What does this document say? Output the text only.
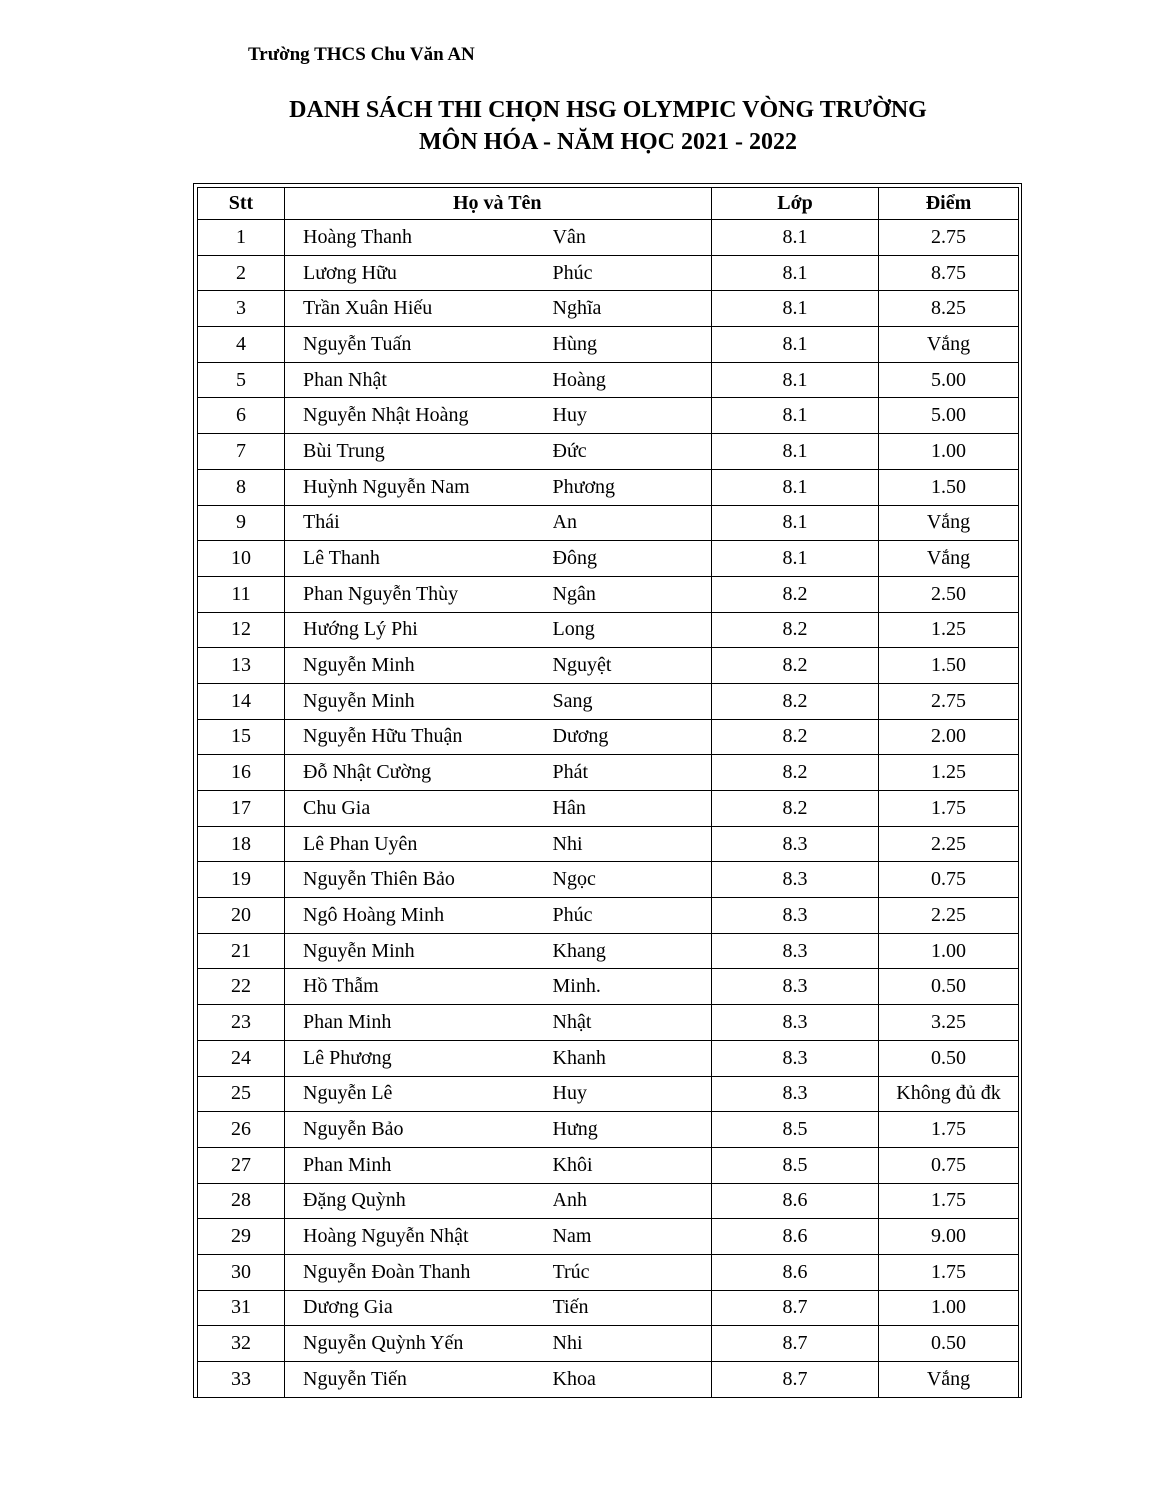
Trường THCS Chu Văn AN
DANH SÁCH THI CHỌN HSG OLYMPIC VÒNG TRƯỜNG
MÔN HÓA - NĂM HỌC 2021 - 2022
Stt	Họ và Tên		Lớp	Điểm
1	Hoàng Thanh	Vân	8.1	2.75
2	Lương Hữu	Phúc	8.1	8.75
3	Trần Xuân Hiếu	Nghĩa	8.1	8.25
4	Nguyễn Tuấn	Hùng	8.1	Vắng
5	Phan Nhật	Hoàng	8.1	5.00
6	Nguyễn Nhật Hoàng	Huy	8.1	5.00
7	Bùi Trung	Đức	8.1	1.00
8	Huỳnh Nguyễn Nam	Phương	8.1	1.50
9	Thái	An	8.1	Vắng
10	Lê Thanh	Đông	8.1	Vắng
11	Phan Nguyễn Thùy	Ngân	8.2	2.50
12	Hướng Lý Phi	Long	8.2	1.25
13	Nguyễn Minh	Nguyệt	8.2	1.50
14	Nguyễn Minh	Sang	8.2	2.75
15	Nguyễn Hữu Thuận	Dương	8.2	2.00
16	Đỗ Nhật Cường	Phát	8.2	1.25
17	Chu Gia	Hân	8.2	1.75
18	Lê Phan Uyên	Nhi	8.3	2.25
19	Nguyễn Thiên Bảo	Ngọc	8.3	0.75
20	Ngô Hoàng Minh	Phúc	8.3	2.25
21	Nguyễn Minh	Khang	8.3	1.00
22	Hồ Thẫm	Minh.	8.3	0.50
23	Phan Minh	Nhật	8.3	3.25
24	Lê Phương	Khanh	8.3	0.50
25	Nguyễn Lê	Huy	8.3	Không đủ đk
26	Nguyễn Bảo	Hưng	8.5	1.75
27	Phan Minh	Khôi	8.5	0.75
28	Đặng Quỳnh	Anh	8.6	1.75
29	Hoàng Nguyễn Nhật	Nam	8.6	9.00
30	Nguyễn Đoàn Thanh	Trúc	8.6	1.75
31	Dương Gia	Tiến	8.7	1.00
32	Nguyễn Quỳnh Yến	Nhi	8.7	0.50
33	Nguyễn Tiến	Khoa	8.7	Vắng
